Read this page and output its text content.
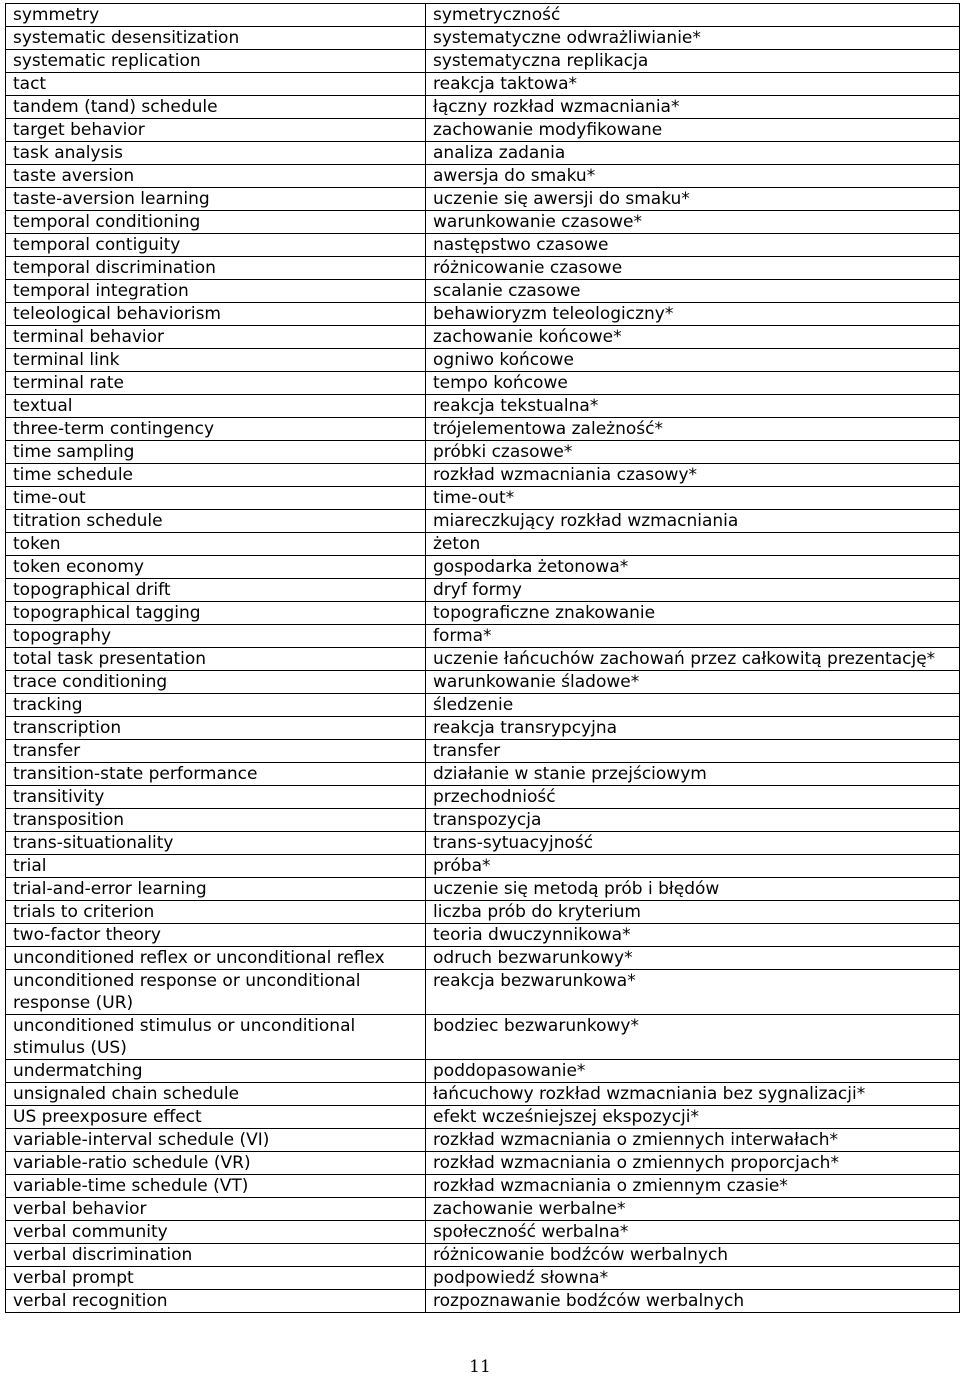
symmetry	symetryczność
systematic desensitization	systematyczne odwrażliwianie*
systematic replication	systematyczna replikacja
tact	reakcja taktowa*
tandem (tand) schedule	łączny rozkład wzmacniania*
target behavior	zachowanie modyfikowane
task analysis	analiza zadania
taste aversion	awersja do smaku*
taste-aversion learning	uczenie się awersji do smaku*
temporal conditioning	warunkowanie czasowe*
temporal contiguity	następstwo czasowe
temporal discrimination	różnicowanie czasowe
temporal integration	scalanie czasowe
teleological behaviorism	behawioryzm teleologiczny*
terminal behavior	zachowanie końcowe*
terminal link	ogniwo końcowe
terminal rate	tempo końcowe
textual	reakcja tekstualna*
three-term contingency	trójelementowa zależność*
time sampling	próbki czasowe*
time schedule	rozkład wzmacniania czasowy*
time-out	time-out*
titration schedule	miareczkujący rozkład wzmacniania
token	żeton
token economy	gospodarka żetonowa*
topographical drift	dryf formy
topographical tagging	topograficzne znakowanie
topography	forma*
total task presentation	uczenie łańcuchów zachowań przez całkowitą prezentację*
trace conditioning	warunkowanie śladowe*
tracking	śledzenie
transcription	reakcja transrypcyjna
transfer	transfer
transition-state performance	działanie w stanie przejściowym
transitivity	przechodniość
transposition	transpozycja
trans-situationality	trans-sytuacyjność
trial	próba*
trial-and-error learning	uczenie się metodą prób i błędów
trials to criterion	liczba prób do kryterium
two-factor theory	teoria dwuczynnikowa*
unconditioned reflex or unconditional reflex	odruch bezwarunkowy*
unconditioned response or unconditional response (UR)	reakcja bezwarunkowa*
unconditioned stimulus or unconditional stimulus (US)	bodziec bezwarunkowy*
undermatching	poddopasowanie*
unsignaled chain schedule	łańcuchowy rozkład wzmacniania bez sygnalizacji*
US preexposure effect	efekt wcześniejszej ekspozycji*
variable-interval schedule (VI)	rozkład wzmacniania o zmiennych interwałach*
variable-ratio schedule (VR)	rozkład wzmacniania o zmiennych proporcjach*
variable-time schedule (VT)	rozkład wzmacniania o zmiennym czasie*
verbal behavior	zachowanie werbalne*
verbal community	społeczność werbalna*
verbal discrimination	różnicowanie bodźców werbalnych
verbal prompt	podpowiedź słowna*
verbal recognition	rozpoznawanie bodźców werbalnych
11
